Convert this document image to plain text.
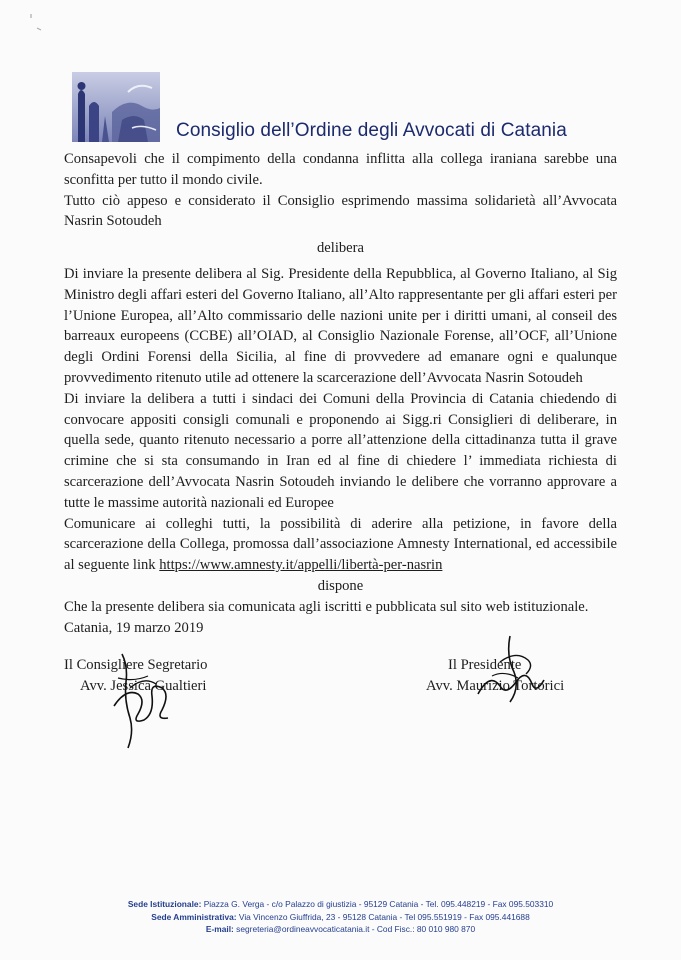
Consiglio dell’Ordine degli Avvocati di Catania

Consapevoli che il compimento della condanna inflitta alla collega iraniana sarebbe una sconfitta per tutto il mondo civile.

Tutto ciò appeso e considerato il Consiglio esprimendo massima solidarietà all’Avvocata Nasrin Sotoudeh

delibera

Di inviare la presente delibera al Sig. Presidente della Repubblica, al Governo Italiano, al Sig Ministro degli affari esteri del Governo Italiano, all’Alto rappresentante per gli affari esteri per l’Unione Europea, all’Alto commissario delle nazioni unite per i diritti umani, al conseil des barreaux europeens (CCBE) all’OIAD, al Consiglio Nazionale Forense, all’OCF, all’Unione degli Ordini Forensi della Sicilia, al fine di provvedere ad emanare ogni e qualunque provvedimento ritenuto utile ad ottenere la scarcerazione dell’Avvocata Nasrin Sotoudeh

Di inviare la delibera a tutti i sindaci dei Comuni della Provincia di Catania chiedendo di convocare appositi consigli comunali e proponendo ai Sigg.ri Consiglieri di deliberare, in quella sede, quanto ritenuto necessario a porre all’attenzione della cittadinanza tutta il grave crimine che si sta consumando in Iran ed al fine di chiedere l’ immediata richiesta di scarcerazione dell’Avvocata Nasrin Sotoudeh inviando le delibere che vorranno approvare a tutte le massime autorità nazionali ed Europee

Comunicare ai colleghi tutti, la possibilità di aderire alla petizione, in favore della scarcerazione della Collega, promossa dall’associazione Amnesty International, ed accessibile al seguente link https://www.amnesty.it/appelli/libertà-per-nasrin

dispone

Che la presente delibera sia comunicata agli iscritti e pubblicata sul sito web istituzionale.

Catania, 19 marzo 2019

Il Consigliere Segretario
Avv. Jessica Gualtieri
Il Presidente
Avv. Maurizio Tortorici
Sede Istituzionale: Piazza G. Verga - c/o Palazzo di giustizia - 95129 Catania - Tel. 095.448219 - Fax 095.503310
Sede Amministrativa: Via Vincenzo Giuffrida, 23 - 95128 Catania - Tel 095.551919 - Fax 095.441688
E-mail: segreteria@ordineavvocaticatania.it - Cod Fisc.: 80 010 980 870
